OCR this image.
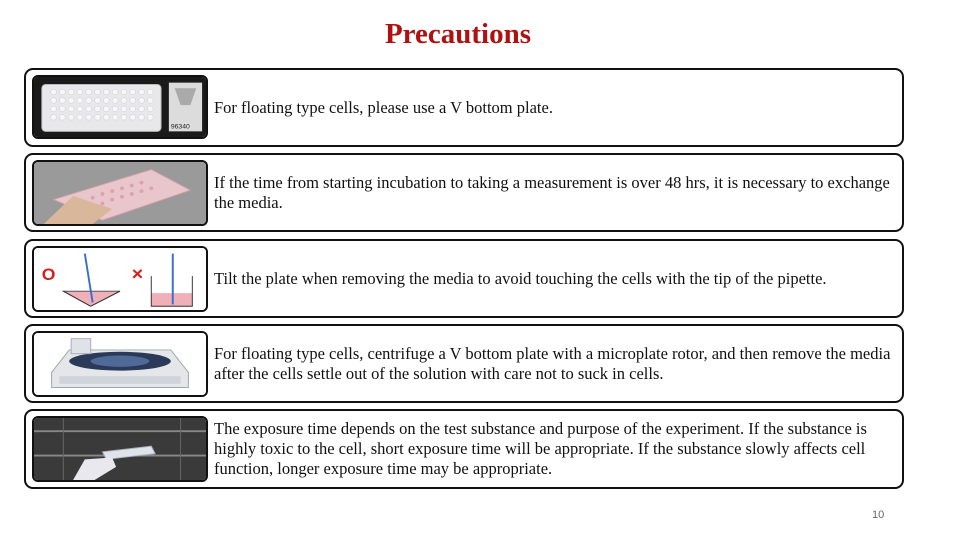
Precautions
96340
For floating type cells, please use a V bottom plate.
If the time from starting incubation to taking a measurement is over 48 hrs, it is necessary to exchange the media.
O	×	Tilt the plate when removing the media to avoid touching the cells with the tip of the pipette.
For floating type cells, centrifuge a V bottom plate with a microplate rotor, and then remove the media after the cells settle out of the solution with care not to suck in cells.
The exposure time depends on the test substance and purpose of the experiment. If the substance is highly toxic to the cell, short exposure time will be appropriate. If the substance slowly affects cell function, longer exposure time may be appropriate.
10
